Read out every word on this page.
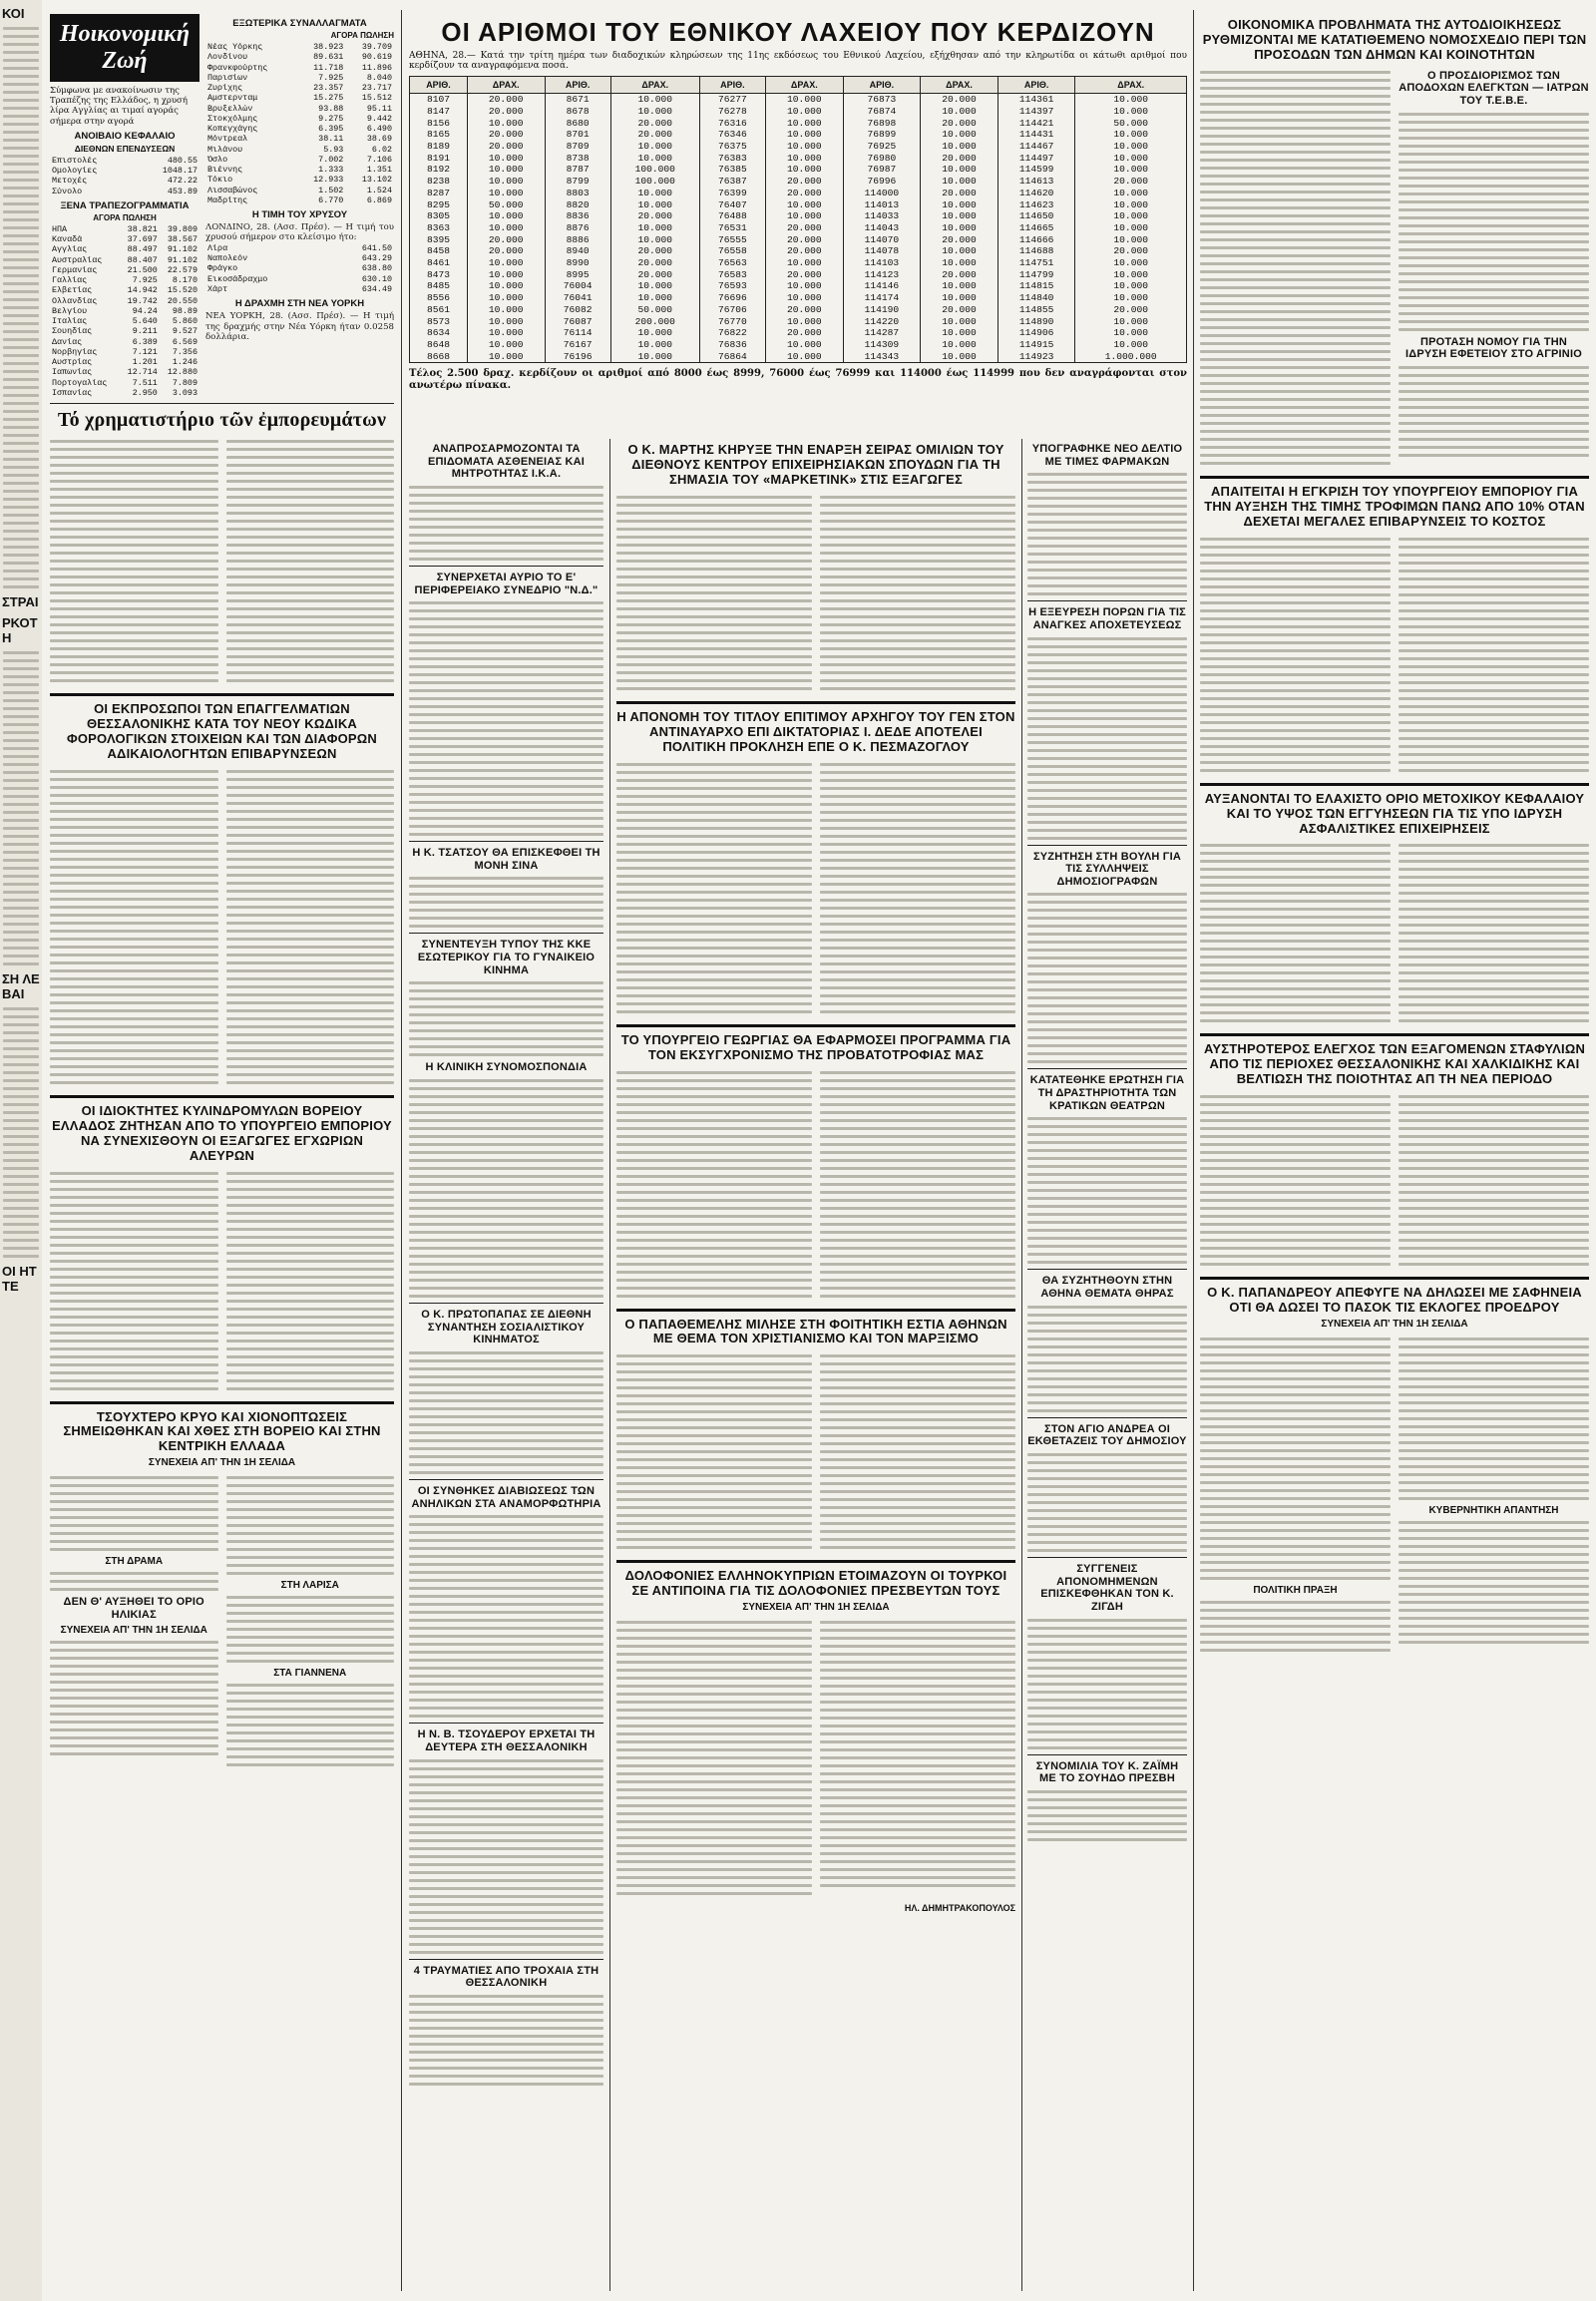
ΚΟΙ
ΣΤΡΑΙ
ΡΚΟΤΗ
ΣΗ ΛΕΒΑΙ
ΟΙ ΗΤΤΕ
Ηοικονομική Ζωή
Σύμφωνα με ανακοίνωσιν της Τραπέζης της Ελλάδος, η χρυσή λίρα Αγγλίας αι τιμαί αγοράς σήμερα στην αγορά
ΑΝΟΙΒΑΙΟ ΚΕΦΑΛΑΙΟ
ΔΙΕΘΝΩΝ ΕΠΕΝΔΥΣΕΩΝ
Επιστολές	480.55
Ομολογίες	1048.17
Μετοχές	472.22
Σύνολο	453.89
ΞΕΝΑ ΤΡΑΠΕΖΟΓΡΑΜΜΑΤΙΑ
ΑΓΟΡΑ ΠΩΛΗΣΗ
ΗΠΑ	38.821	39.809
Καναδά	37.697	38.567
Αγγλίας	88.497	91.102
Αυστραλίας	88.407	91.102
Γερμανίας	21.500	22.579
Γαλλίας	7.925	8.170
Ελβετίας	14.942	15.520
Ολλανδίας	19.742	20.550
Βελγίου	94.24	98.89
Ιταλίας	5.640	5.860
Σουηδίας	9.211	9.527
Δανίας	6.389	6.569
Νορβηγίας	7.121	7.356
Αυστρίας	1.201	1.246
Ιαπωνίας	12.714	12.880
Πορτογαλίας	7.511	7.809
Ισπανίας	2.950	3.093
ΕΞΩΤΕΡΙΚΑ ΣΥΝΑΛΛΑΓΜΑΤΑ
ΑΓΟΡΑ ΠΩΛΗΣΗ
Νέας Υόρκης	38.923	39.709
Λονδίνου	89.631	90.619
Φρανκφούρτης	11.718	11.896
Παρισίων	7.925	8.040
Ζυρίχης	23.357	23.717
Αμστερνταμ	15.275	15.512
Βρυξελλών	93.88	95.11
Στοκχόλμης	9.275	9.442
Κοπεγχάγης	6.395	6.490
Μόντρεαλ	38.11	38.69
Μιλάνου	5.93	6.02
Όσλο	7.002	7.106
Βιέννης	1.333	1.351
Τόκιο	12.933	13.102
Λισσαβώνος	1.502	1.524
Μαδρίτης	6.770	6.869
Η ΤΙΜΗ ΤΟΥ ΧΡΥΣΟΥ
ΛΟΝΔΙΝΟ, 28. (Ασσ. Πρέσ). — Η τιμή του χρυσού σήμερον στο κλείσιμο ήτο:
Λίρα	641.50
Ναπολεόν	643.29
Φράγκο	638.80
Εικοσάδραχμο	630.10
Χάρτ	634.49
Η ΔΡΑΧΜΗ ΣΤΗ ΝΕΑ ΥΟΡΚΗ
ΝΕΑ ΥΟΡΚΗ, 28. (Ασσ. Πρέσ). — Η τιμή της δραχμής στην Νέα Υόρκη ήταν 0.0258 δολλάρια.
Τό χρηματιστήριο τῶν ἐμπορευμάτων
ΟΙ ΕΚΠΡΟΣΩΠΟΙ ΤΩΝ ΕΠΑΓΓΕΛΜΑΤΙΩΝ ΘΕΣΣΑΛΟΝΙΚΗΣ ΚΑΤΑ ΤΟΥ ΝΕΟΥ ΚΩΔΙΚΑ ΦΟΡΟΛΟΓΙΚΩΝ ΣΤΟΙΧΕΙΩΝ ΚΑΙ ΤΩΝ ΔΙΑΦΟΡΩΝ ΑΔΙΚΑΙΟΛΟΓΗΤΩΝ ΕΠΙΒΑΡΥΝΣΕΩΝ
ΟΙ ΙΔΙΟΚΤΗΤΕΣ ΚΥΛΙΝΔΡΟΜΥΛΩΝ ΒΟΡΕΙΟΥ ΕΛΛΑΔΟΣ ΖΗΤΗΣΑΝ ΑΠΟ ΤΟ ΥΠΟΥΡΓΕΙΟ ΕΜΠΟΡΙΟΥ ΝΑ ΣΥΝΕΧΙΣΘΟΥΝ ΟΙ ΕΞΑΓΩΓΕΣ ΕΓΧΩΡΙΩΝ ΑΛΕΥΡΩΝ
ΤΣΟΥΧΤΕΡΟ ΚΡΥΟ ΚΑΙ ΧΙΟΝΟΠΤΩΣΕΙΣ ΣΗΜΕΙΩΘΗΚΑΝ ΚΑΙ ΧΘΕΣ ΣΤΗ ΒΟΡΕΙΟ ΚΑΙ ΣΤΗΝ ΚΕΝΤΡΙΚΗ ΕΛΛΑΔΑ
ΣΥΝΕΧΕΙΑ ΑΠ' ΤΗΝ 1Η ΣΕΛΙΔΑ
ΣΤΗ ΔΡΑΜΑ
ΔΕΝ Θ' ΑΥΞΗΘΕΙ ΤΟ ΟΡΙΟ ΗΛΙΚΙΑΣ
ΣΥΝΕΧΕΙΑ ΑΠ' ΤΗΝ 1Η ΣΕΛΙΔΑ
ΣΤΗ ΛΑΡΙΣΑ
ΣΤΑ ΓΙΑΝΝΕΝΑ
ΟΙ ΑΡΙΘΜΟΙ ΤΟΥ ΕΘΝΙΚΟΥ ΛΑΧΕΙΟΥ ΠΟΥ ΚΕΡΔΙΖΟΥΝ
ΑΘΗΝΑ, 28.— Κατά την τρίτη ημέρα των διαδοχικών κληρώσεων της 11ης εκδόσεως του Εθνικού Λαχείου, εξήχθησαν από την κληρωτίδα οι κάτωθι αριθμοί που κερδίζουν τα αναγραφόμενα ποσά.
ΑΡΙΘ.	ΔΡΑΧ.	ΑΡΙΘ.	ΔΡΑΧ.	ΑΡΙΘ.	ΔΡΑΧ.	ΑΡΙΘ.	ΔΡΑΧ.	ΑΡΙΘ.	ΔΡΑΧ.
8107	20.000	8671	10.000	76277	10.000	76873	20.000	114361	10.000
8147	20.000	8678	10.000	76278	10.000	76874	10.000	114397	10.000
8156	10.000	8680	20.000	76316	10.000	76898	20.000	114421	50.000
8165	20.000	8701	20.000	76346	10.000	76899	10.000	114431	10.000
8189	20.000	8709	10.000	76375	10.000	76925	10.000	114467	10.000
8191	10.000	8738	10.000	76383	10.000	76980	20.000	114497	10.000
8192	10.000	8787	100.000	76385	10.000	76987	10.000	114599	10.000
8238	10.000	8799	100.000	76387	20.000	76996	10.000	114613	20.000
8287	10.000	8803	10.000	76399	20.000	114000	20.000	114620	10.000
8295	50.000	8820	10.000	76407	10.000	114013	10.000	114623	10.000
8305	10.000	8836	20.000	76488	10.000	114033	10.000	114650	10.000
8363	10.000	8876	10.000	76531	20.000	114043	10.000	114665	10.000
8395	20.000	8886	10.000	76555	20.000	114070	20.000	114666	10.000
8458	20.000	8940	20.000	76558	20.000	114078	10.000	114688	20.000
8461	10.000	8990	20.000	76563	10.000	114103	10.000	114751	10.000
8473	10.000	8995	20.000	76583	20.000	114123	20.000	114799	10.000
8485	10.000	76004	10.000	76593	10.000	114146	10.000	114815	10.000
8556	10.000	76041	10.000	76696	10.000	114174	10.000	114840	10.000
8561	10.000	76082	50.000	76706	20.000	114190	20.000	114855	20.000
8573	10.000	76087	200.000	76770	10.000	114220	10.000	114890	10.000
8634	10.000	76114	10.000	76822	20.000	114287	10.000	114906	10.000
8648	10.000	76167	10.000	76836	10.000	114309	10.000	114915	10.000
8668	10.000	76196	10.000	76864	10.000	114343	10.000	114923	1.000.000
Τέλος 2.500 δραχ. κερδίζουν οι αριθμοί από 8000 έως 8999, 76000 έως 76999 και 114000 έως 114999 που δεν αναγράφονται στον ανωτέρω πίνακα.
ΑΝΑΠΡΟΣΑΡΜΟΖΟΝΤΑΙ ΤΑ ΕΠΙΔΟΜΑΤΑ ΑΣΘΕΝΕΙΑΣ ΚΑΙ ΜΗΤΡΟΤΗΤΑΣ Ι.Κ.Α.
ΣΥΝΕΡΧΕΤΑΙ ΑΥΡΙΟ ΤΟ Ε' ΠΕΡΙΦΕΡΕΙΑΚΟ ΣΥΝΕΔΡΙΟ "Ν.Δ."
Η Κ. ΤΣΑΤΣΟΥ ΘΑ ΕΠΙΣΚΕΦΘΕΙ ΤΗ ΜΟΝΗ ΣΙΝΑ
ΣΥΝΕΝΤΕΥΞΗ ΤΥΠΟΥ ΤΗΣ ΚΚΕ ΕΣΩΤΕΡΙΚΟΥ ΓΙΑ ΤΟ ΓΥΝΑΙΚΕΙΟ ΚΙΝΗΜΑ
Η ΚΛΙΝΙΚΗ ΣΥΝΟΜΟΣΠΟΝΔΙΑ
Ο Κ. ΠΡΩΤΟΠΑΠΑΣ ΣΕ ΔΙΕΘΝΗ ΣΥΝΑΝΤΗΣΗ ΣΟΣΙΑΛΙΣΤΙΚΟΥ ΚΙΝΗΜΑΤΟΣ
ΟΙ ΣΥΝΘΗΚΕΣ ΔΙΑΒΙΩΣΕΩΣ ΤΩΝ ΑΝΗΛΙΚΩΝ ΣΤΑ ΑΝΑΜΟΡΦΩΤΗΡΙΑ
Η Ν. Β. ΤΣΟΥΔΕΡΟΥ ΕΡΧΕΤΑΙ ΤΗ ΔΕΥΤΕΡΑ ΣΤΗ ΘΕΣΣΑΛΟΝΙΚΗ
4 ΤΡΑΥΜΑΤΙΕΣ ΑΠΟ ΤΡΟΧΑΙΑ ΣΤΗ ΘΕΣΣΑΛΟΝΙΚΗ
Ο Κ. ΜΑΡΤΗΣ ΚΗΡΥΞΕ ΤΗΝ ΕΝΑΡΞΗ ΣΕΙΡΑΣ ΟΜΙΛΙΩΝ ΤΟΥ ΔΙΕΘΝΟΥΣ ΚΕΝΤΡΟΥ ΕΠΙΧΕΙΡΗΣΙΑΚΩΝ ΣΠΟΥΔΩΝ ΓΙΑ ΤΗ ΣΗΜΑΣΙΑ ΤΟΥ «ΜΑΡΚΕΤΙΝΚ» ΣΤΙΣ ΕΞΑΓΩΓΕΣ
Η ΑΠΟΝΟΜΗ ΤΟΥ ΤΙΤΛΟΥ ΕΠΙΤΙΜΟΥ ΑΡΧΗΓΟΥ ΤΟΥ ΓΕΝ ΣΤΟΝ ΑΝΤΙΝΑΥΑΡΧΟ ΕΠΙ ΔΙΚΤΑΤΟΡΙΑΣ Ι. ΔΕΔΕ ΑΠΟΤΕΛΕΙ ΠΟΛΙΤΙΚΗ ΠΡΟΚΛΗΣΗ ΕΠΕ Ο Κ. ΠΕΣΜΑΖΟΓΛΟΥ
ΤΟ ΥΠΟΥΡΓΕΙΟ ΓΕΩΡΓΙΑΣ ΘΑ ΕΦΑΡΜΟΣΕΙ ΠΡΟΓΡΑΜΜΑ ΓΙΑ ΤΟΝ ΕΚΣΥΓΧΡΟΝΙΣΜΟ ΤΗΣ ΠΡΟΒΑΤΟΤΡΟΦΙΑΣ ΜΑΣ
Ο ΠΑΠΑΘΕΜΕΛΗΣ ΜΙΛΗΣΕ ΣΤΗ ΦΟΙΤΗΤΙΚΗ ΕΣΤΙΑ ΑΘΗΝΩΝ ΜΕ ΘΕΜΑ ΤΟΝ ΧΡΙΣΤΙΑΝΙΣΜΟ ΚΑΙ ΤΟΝ ΜΑΡΞΙΣΜΟ
ΔΟΛΟΦΟΝΙΕΣ ΕΛΛΗΝΟΚΥΠΡΙΩΝ ΕΤΟΙΜΑΖΟΥΝ ΟΙ ΤΟΥΡΚΟΙ ΣΕ ΑΝΤΙΠΟΙΝΑ ΓΙΑ ΤΙΣ ΔΟΛΟΦΟΝΙΕΣ ΠΡΕΣΒΕΥΤΩΝ ΤΟΥΣ
ΣΥΝΕΧΕΙΑ ΑΠ' ΤΗΝ 1Η ΣΕΛΙΔΑ
ΗΛ. ΔΗΜΗΤΡΑΚΟΠΟΥΛΟΣ
ΥΠΟΓΡΑΦΗΚΕ ΝΕΟ ΔΕΛΤΙΟ ΜΕ ΤΙΜΕΣ ΦΑΡΜΑΚΩΝ
Η ΕΞΕΥΡΕΣΗ ΠΟΡΩΝ ΓΙΑ ΤΙΣ ΑΝΑΓΚΕΣ ΑΠΟΧΕΤΕΥΣΕΩΣ
ΣΥΖΗΤΗΣΗ ΣΤΗ ΒΟΥΛΗ ΓΙΑ ΤΙΣ ΣΥΛΛΗΨΕΙΣ ΔΗΜΟΣΙΟΓΡΑΦΩΝ
ΚΑΤΑΤΕΘΗΚΕ ΕΡΩΤΗΣΗ ΓΙΑ ΤΗ ΔΡΑΣΤΗΡΙΟΤΗΤΑ ΤΩΝ ΚΡΑΤΙΚΩΝ ΘΕΑΤΡΩΝ
ΘΑ ΣΥΖΗΤΗΘΟΥΝ ΣΤΗΝ ΑΘΗΝΑ ΘΕΜΑΤΑ ΘΗΡΑΣ
ΣΤΟΝ ΑΓΙΟ ΑΝΔΡΕΑ ΟΙ ΕΚΘΕΤΑΖΕΙΣ ΤΟΥ ΔΗΜΟΣΙΟΥ
ΣΥΓΓΕΝΕΙΣ ΑΠΟΝΟΜΗΜΕΝΩΝ ΕΠΙΣΚΕΦΘΗΚΑΝ ΤΟΝ Κ. ΖΙΓΔΗ
ΣΥΝΟΜΙΛΙΑ ΤΟΥ Κ. ΖΑΪΜΗ ΜΕ ΤΟ ΣΟΥΗΔΟ ΠΡΕΣΒΗ
ΟΙΚΟΝΟΜΙΚΑ ΠΡΟΒΛΗΜΑΤΑ ΤΗΣ ΑΥΤΟΔΙΟΙΚΗΣΕΩΣ ΡΥΘΜΙΖΟΝΤΑΙ ΜΕ ΚΑΤΑΤΙΘΕΜΕΝΟ ΝΟΜΟΣΧΕΔΙΟ ΠΕΡΙ ΤΩΝ ΠΡΟΣΟΔΩΝ ΤΩΝ ΔΗΜΩΝ ΚΑΙ ΚΟΙΝΟΤΗΤΩΝ
Ο ΠΡΟΣΔΙΟΡΙΣΜΟΣ ΤΩΝ ΑΠΟΔΟΧΩΝ ΕΛΕΓΚΤΩΝ — ΙΑΤΡΩΝ ΤΟΥ Τ.Ε.Β.Ε.
ΠΡΟΤΑΣΗ ΝΟΜΟΥ ΓΙΑ ΤΗΝ ΙΔΡΥΣΗ ΕΦΕΤΕΙΟΥ ΣΤΟ ΑΓΡΙΝΙΟ
ΑΠΑΙΤΕΙΤΑΙ Η ΕΓΚΡΙΣΗ ΤΟΥ ΥΠΟΥΡΓΕΙΟΥ ΕΜΠΟΡΙΟΥ ΓΙΑ ΤΗΝ ΑΥΞΗΣΗ ΤΗΣ ΤΙΜΗΣ ΤΡΟΦΙΜΩΝ ΠΑΝΩ ΑΠΟ 10% ΟΤΑΝ ΔΕΧΕΤΑΙ ΜΕΓΑΛΕΣ ΕΠΙΒΑΡΥΝΣΕΙΣ ΤΟ ΚΟΣΤΟΣ
ΑΥΞΑΝΟΝΤΑΙ ΤΟ ΕΛΑΧΙΣΤΟ ΟΡΙΟ ΜΕΤΟΧΙΚΟΥ ΚΕΦΑΛΑΙΟΥ ΚΑΙ ΤΟ ΥΨΟΣ ΤΩΝ ΕΓΓΥΗΣΕΩΝ ΓΙΑ ΤΙΣ ΥΠΟ ΙΔΡΥΣΗ ΑΣΦΑΛΙΣΤΙΚΕΣ ΕΠΙΧΕΙΡΗΣΕΙΣ
ΑΥΣΤΗΡΟΤΕΡΟΣ ΕΛΕΓΧΟΣ ΤΩΝ ΕΞΑΓΟΜΕΝΩΝ ΣΤΑΦΥΛΙΩΝ ΑΠΟ ΤΙΣ ΠΕΡΙΟΧΕΣ ΘΕΣΣΑΛΟΝΙΚΗΣ ΚΑΙ ΧΑΛΚΙΔΙΚΗΣ ΚΑΙ ΒΕΛΤΙΩΣΗ ΤΗΣ ΠΟΙΟΤΗΤΑΣ ΑΠ ΤΗ ΝΕΑ ΠΕΡΙΟΔΟ
Ο Κ. ΠΑΠΑΝΔΡΕΟΥ ΑΠΕΦΥΓΕ ΝΑ ΔΗΛΩΣΕΙ ΜΕ ΣΑΦΗΝΕΙΑ ΟΤΙ ΘΑ ΔΩΣΕΙ ΤΟ ΠΑΣΟΚ ΤΙΣ ΕΚΛΟΓΕΣ ΠΡΟΕΔΡΟΥ
ΣΥΝΕΧΕΙΑ ΑΠ' ΤΗΝ 1Η ΣΕΛΙΔΑ
ΠΟΛΙΤΙΚΗ ΠΡΑΞΗ
ΚΥΒΕΡΝΗΤΙΚΗ ΑΠΑΝΤΗΣΗ
